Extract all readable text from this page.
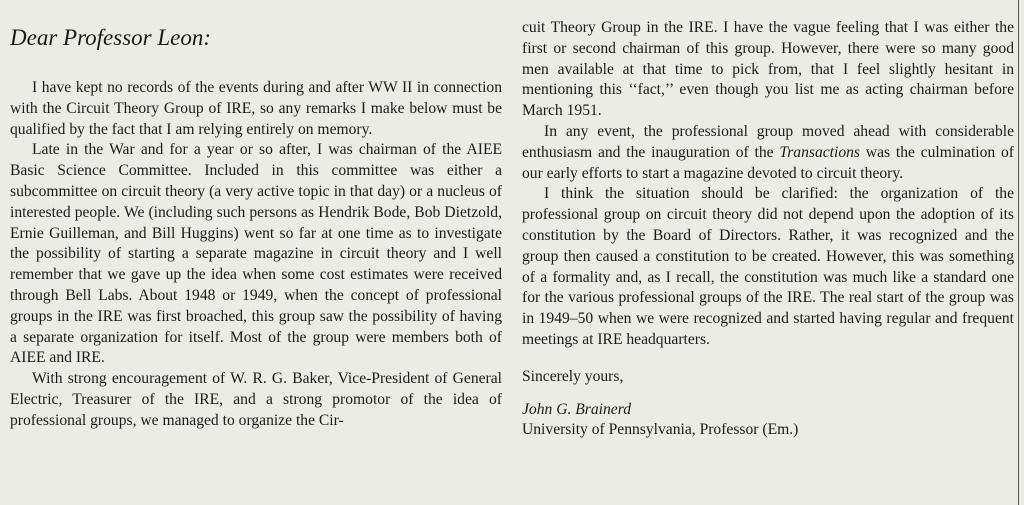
Dear Professor Leon:

I have kept no records of the events during and after WW II in connection with the Circuit Theory Group of IRE, so any remarks I make below must be qualified by the fact that I am relying entirely on memory.

Late in the War and for a year or so after, I was chairman of the AIEE Basic Science Committee. Included in this committee was either a subcommittee on circuit theory (a very active topic in that day) or a nucleus of interested people. We (including such persons as Hendrik Bode, Bob Dietzold, Ernie Guilleman, and Bill Huggins) went so far at one time as to investigate the possibility of starting a separate magazine in circuit theory and I well remember that we gave up the idea when some cost estimates were received through Bell Labs. About 1948 or 1949, when the concept of professional groups in the IRE was first broached, this group saw the possibility of having a separate organization for itself. Most of the group were members both of AIEE and IRE.

With strong encouragement of W. R. G. Baker, Vice-President of General Electric, Treasurer of the IRE, and a strong promotor of the idea of professional groups, we managed to organize the Cir-

cuit Theory Group in the IRE. I have the vague feeling that I was either the first or second chairman of this group. However, there were so many good men available at that time to pick from, that I feel slightly hesitant in mentioning this ‘‘fact,’’ even though you list me as acting chairman before March 1951.

In any event, the professional group moved ahead with considerable enthusiasm and the inauguration of the Transactions was the culmination of our early efforts to start a magazine devoted to circuit theory.

I think the situation should be clarified: the organization of the professional group on circuit theory did not depend upon the adoption of its constitution by the Board of Directors. Rather, it was recognized and the group then caused a constitution to be created. However, this was something of a formality and, as I recall, the constitution was much like a standard one for the various professional groups of the IRE. The real start of the group was in 1949–50 when we were recognized and started having regular and frequent meetings at IRE headquarters.

Sincerely yours,

John G. Brainerd

University of Pennsylvania, Professor (Em.)
